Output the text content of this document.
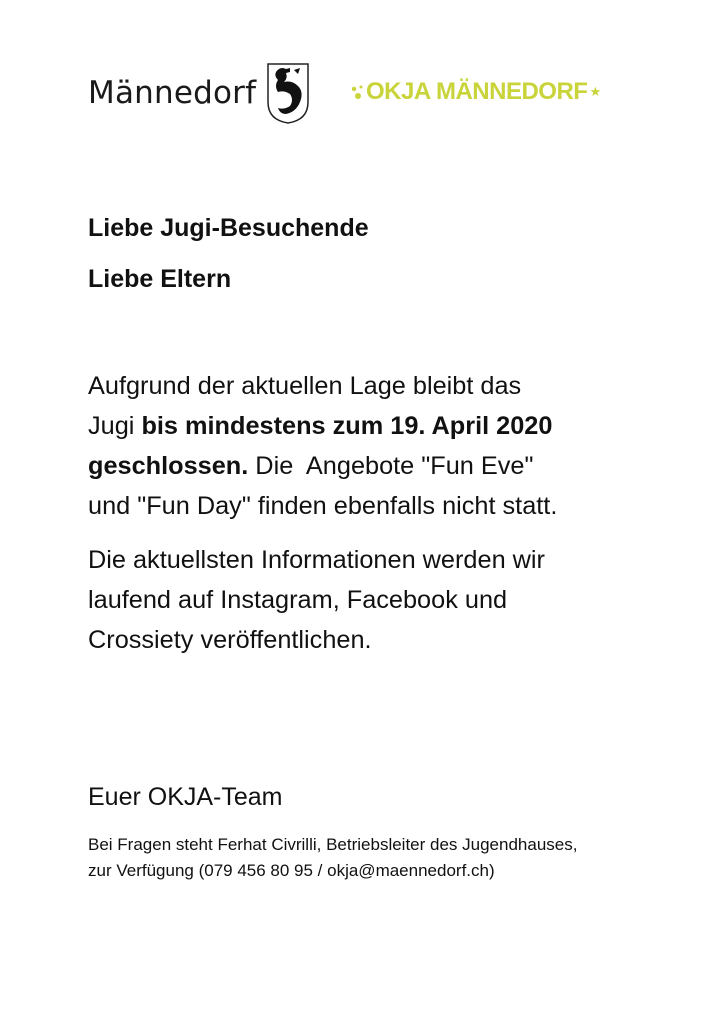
Männedorf	OKJA MÄNNEDORF ★
Liebe Jugi-Besuchende
Liebe Eltern
Aufgrund der aktuellen Lage bleibt das
Jugi bis mindestens zum 19. April 2020
geschlossen. Die  Angebote "Fun Eve"
und "Fun Day" finden ebenfalls nicht statt.
Die aktuellsten Informationen werden wir
laufend auf Instagram, Facebook und
Crossiety veröffentlichen.
Euer OKJA-Team
Bei Fragen steht Ferhat Civrilli, Betriebsleiter des Jugendhauses,
zur Verfügung (079 456 80 95 / okja@maennedorf.ch)
